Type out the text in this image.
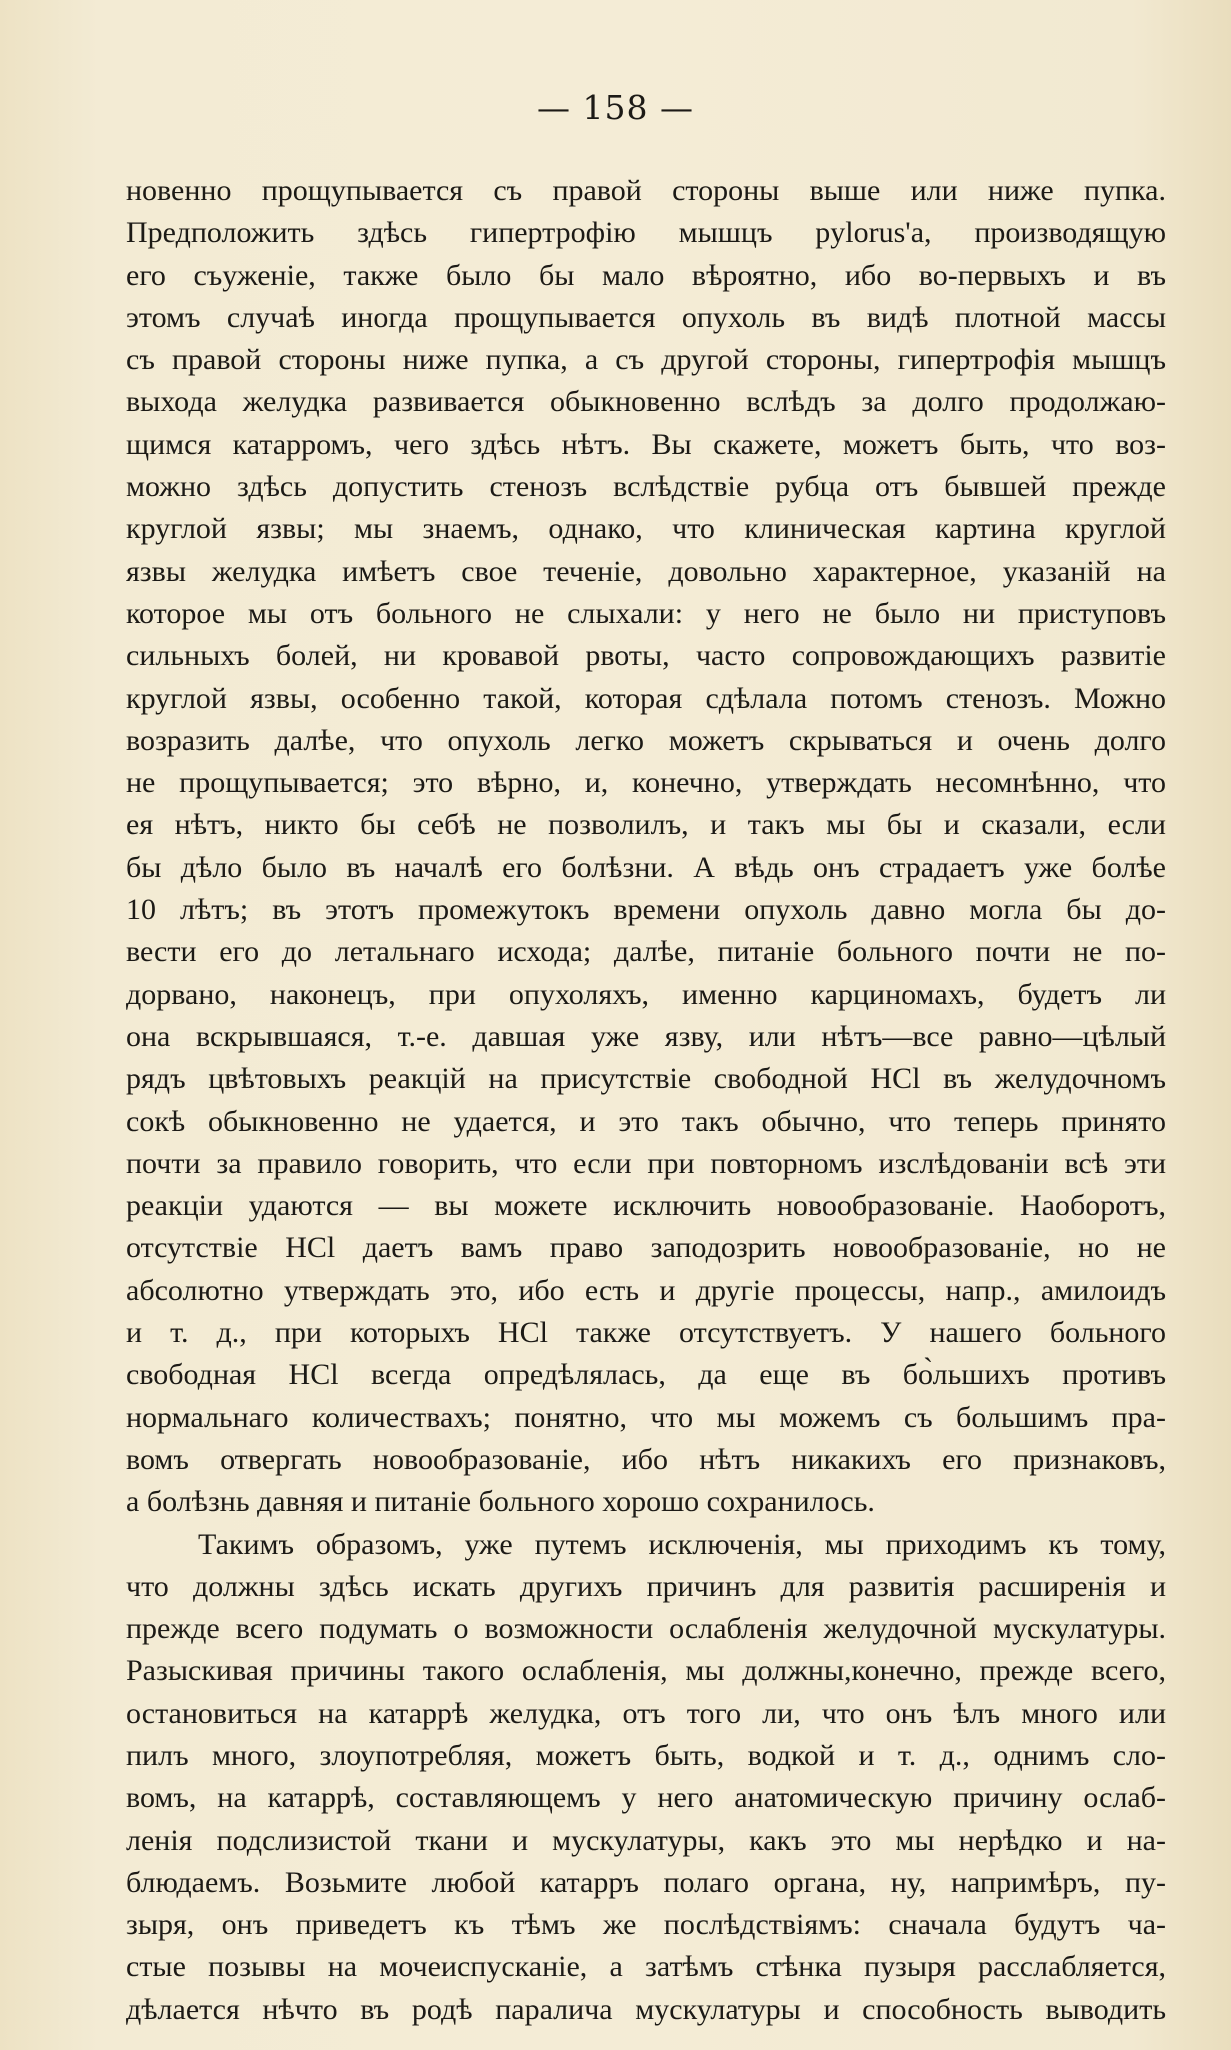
— 158 —
новенно прощупывается съ правой стороны выше или ниже пупка.
Предположить здѣсь гипертрофію мышцъ pylorus'а, производящую
его съуженіе, также было бы мало вѣроятно, ибо во-первыхъ и въ
этомъ случаѣ иногда прощупывается опухоль въ видѣ плотной массы
съ правой стороны ниже пупка, а съ другой стороны, гипертрофія мышцъ
выхода желудка развивается обыкновенно вслѣдъ за долго продолжаю-
щимся катарромъ, чего здѣсь нѣтъ. Вы скажете, можетъ быть, что воз-
можно здѣсь допустить стенозъ вслѣдствіе рубца отъ бывшей прежде
круглой язвы; мы знаемъ, однако, что клиническая картина круглой
язвы желудка имѣетъ свое теченіе, довольно характерное, указаній на
которое мы отъ больного не слыхали: у него не было ни приступовъ
сильныхъ болей, ни кровавой рвоты, часто сопровождающихъ развитіе
круглой язвы, особенно такой, которая сдѣлала потомъ стенозъ. Можно
возразить далѣе, что опухоль легко можетъ скрываться и очень долго
не прощупывается; это вѣрно, и, конечно, утверждать несомнѣнно, что
ея нѣтъ, никто бы себѣ не позволилъ, и такъ мы бы и сказали, если
бы дѣло было въ началѣ его болѣзни. А вѣдь онъ страдаетъ уже болѣе
10 лѣтъ; въ этотъ промежутокъ времени опухоль давно могла бы до-
вести его до летальнаго исхода; далѣе, питаніе больного почти не по-
дорвано, наконецъ, при опухоляхъ, именно карциномахъ, будетъ ли
она вскрывшаяся, т.-е. давшая уже язву, или нѣтъ—все равно—цѣлый
рядъ цвѣтовыхъ реакцій на присутствіе свободной HCl въ желудочномъ
сокѣ обыкновенно не удается, и это такъ обычно, что теперь принято
почти за правило говорить, что если при повторномъ изслѣдованіи всѣ эти
реакціи удаются — вы можете исключить новообразованіе. Наоборотъ,
отсутствіе HCl даетъ вамъ право заподозрить новообразованіе, но не
абсолютно утверждать это, ибо есть и другіе процессы, напр., амилоидъ
и т. д., при которыхъ HCl также отсутствуетъ. У нашего больного
свободная HCl всегда опредѣлялась, да еще въ бо̀льшихъ противъ
нормальнаго количествахъ; понятно, что мы можемъ съ большимъ пра-
вомъ отвергать новообразованіе, ибо нѣтъ никакихъ его признаковъ,
а болѣзнь давняя и питаніе больного хорошо сохранилось.
Такимъ образомъ, уже путемъ исключенія, мы приходимъ къ тому,
что должны здѣсь искать другихъ причинъ для развитія расширенія и
прежде всего подумать о возможности ослабленія желудочной мускулатуры.
Разыскивая причины такого ослабленія, мы должны,конечно, прежде всего,
остановиться на катаррѣ желудка, отъ того ли, что онъ ѣлъ много или
пилъ много, злоупотребляя, можетъ быть, водкой и т. д., однимъ сло-
вомъ, на катаррѣ, составляющемъ у него анатомическую причину ослаб-
ленія подслизистой ткани и мускулатуры, какъ это мы нерѣдко и на-
блюдаемъ. Возьмите любой катарръ полаго органа, ну, напримѣръ, пу-
зыря, онъ приведетъ къ тѣмъ же послѣдствіямъ: сначала будутъ ча-
стые позывы на мочеиспусканіе, а затѣмъ стѣнка пузыря расслабляется,
дѣлается нѣчто въ родѣ паралича мускулатуры и способность выводить
